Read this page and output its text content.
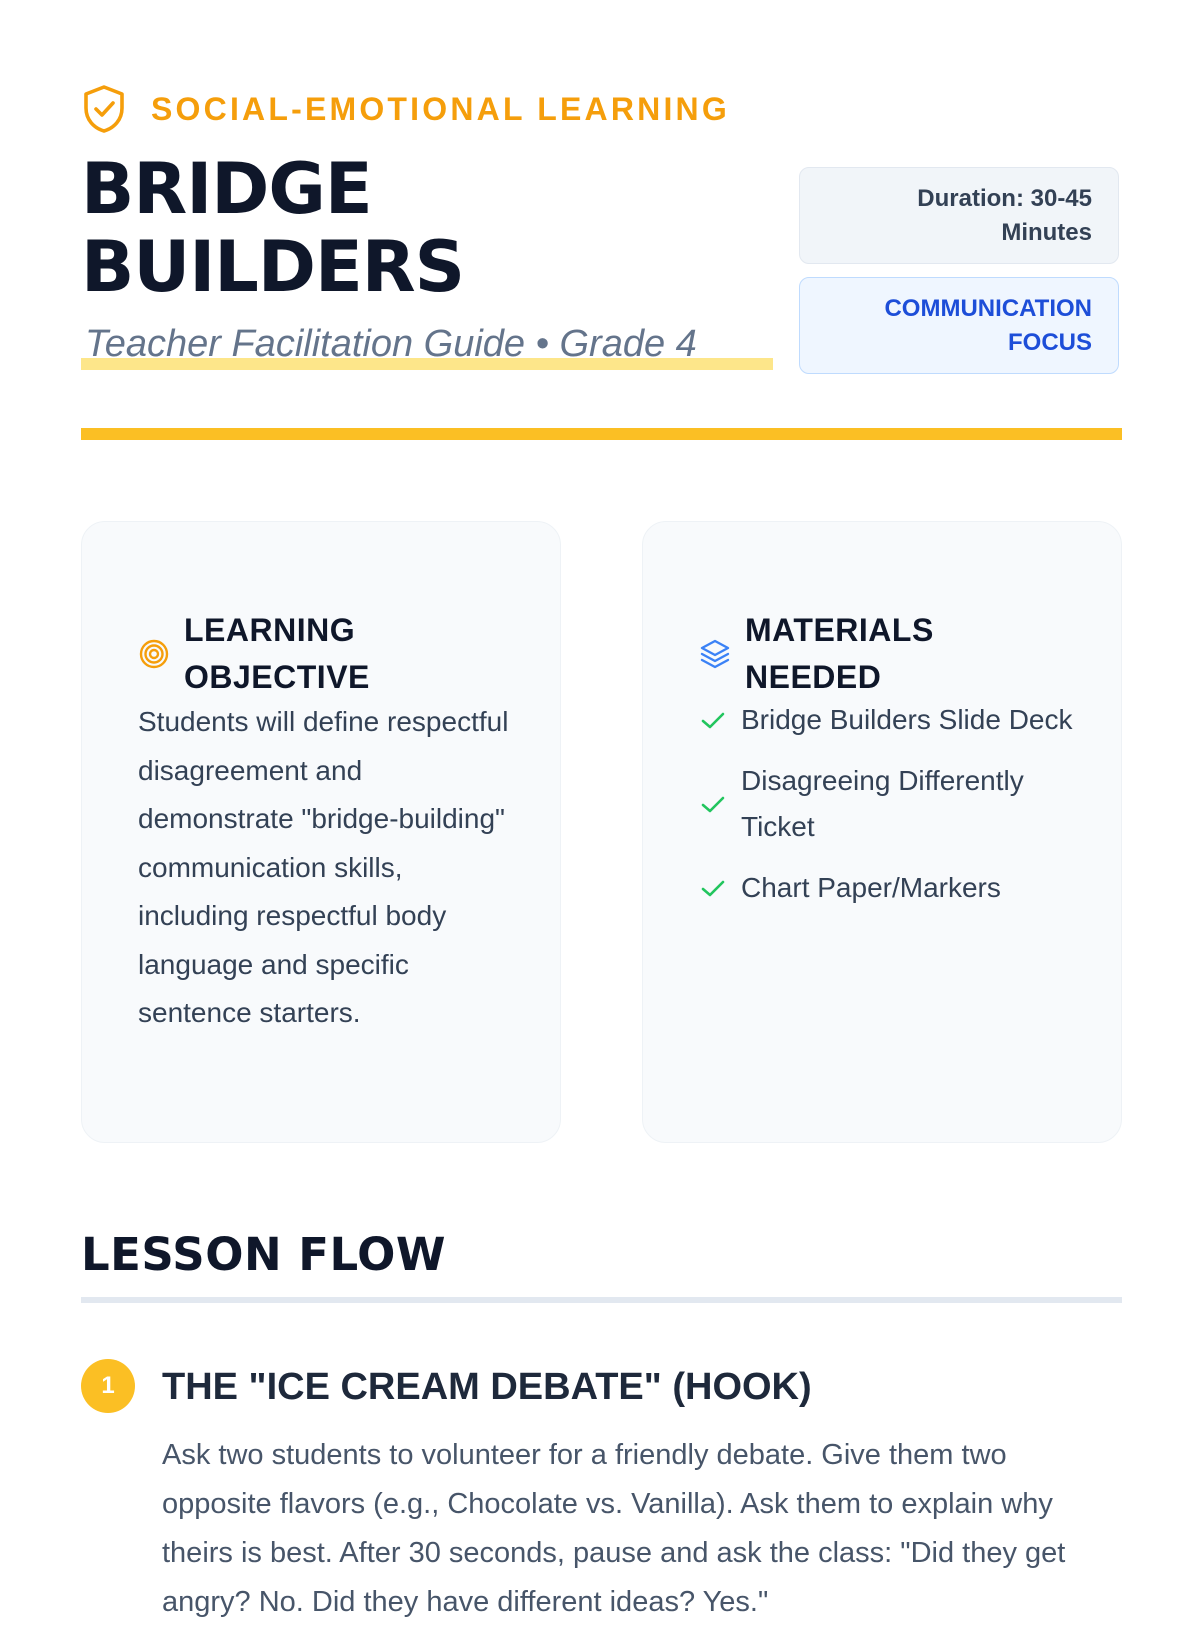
SOCIAL-EMOTIONAL LEARNING
BRIDGE
BUILDERS
Teacher Facilitation Guide • Grade 4
Duration: 30-45
Minutes
COMMUNICATION
FOCUS
LEARNING
OBJECTIVE

Students will define respectful disagreement and demonstrate "bridge-building" communication skills, including respectful body language and specific sentence starters.

MATERIALS
NEEDED
Bridge Builders Slide Deck
Disagreeing Differently Ticket
Chart Paper/Markers
LESSON FLOW
1	THE "ICE CREAM DEBATE" (HOOK)

Ask two students to volunteer for a friendly debate. Give them two opposite flavors (e.g., Chocolate vs. Vanilla). Ask them to explain why theirs is best. After 30 seconds, pause and ask the class: "Did they get angry? No. Did they have different ideas? Yes."
